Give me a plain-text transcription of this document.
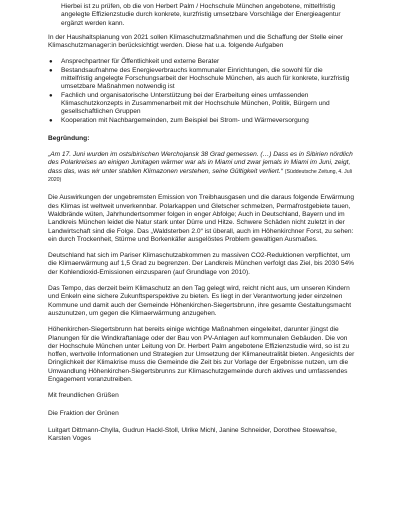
Hierbei ist zu prüfen, ob die von Herbert Palm / Hochschule München angebotene, mittelfristig angelegte Effizienzstudie durch konkrete, kurzfristig umsetzbare Vorschläge der Energieagentur ergänzt werden kann.

In der Haushaltsplanung von 2021 sollen Klimaschutzmaßnahmen und die Schaffung der Stelle einer Klimaschutzmanager:in berücksichtigt werden. Diese hat u.a. folgende Aufgaben

● Ansprechpartner für Öffentlichkeit und externe Berater
● Bestandsaufnahme des Energieverbrauchs kommunaler Einrichtungen, die sowohl für die mittelfristig angelegte Forschungsarbeit der Hochschule München, als auch für konkrete, kurzfristig umsetzbare Maßnahmen notwendig ist
● Fachlich und organisatorische Unterstützung bei der Erarbeitung eines umfassenden Klimaschutzkonzepts in Zusammenarbeit mit der Hochschule München, Politik, Bürgern und gesellschaftlichen Gruppen
● Kooperation mit Nachbargemeinden, zum Beispiel bei Strom- und Wärmeversorgung

Begründung:

„Am 17. Juni wurden im ostsibirischen Werchojansk 38 Grad gemessen. (…) Dass es in Sibirien nördlich des Polarkreises an einigen Junitagen wärmer war als in Miami und zwar jemals in Miami im Juni, zeigt, dass das, was wir unter stabilen Klimazonen verstehen, seine Gültigkeit verliert.“ (Süddeutsche Zeitung, 4. Juli 2020)

Die Auswirkungen der ungebremsten Emission von Treibhausgasen und die daraus folgende Erwärmung des Klimas ist weltweit unverkennbar. Polarkappen und Gletscher schmelzen, Permafrostgebiete tauen, Waldbrände wüten, Jahrhundertsommer folgen in enger Abfolge; Auch in Deutschland, Bayern und im Landkreis München leidet die Natur stark unter Dürre und Hitze. Schwere Schäden nicht zuletzt in der Landwirtschaft sind die Folge. Das „Waldsterben 2.0“ ist überall, auch im Höhenkirchner Forst, zu sehen: ein durch Trockenheit, Stürme und Borkenkäfer ausgelöstes Problem gewaltigen Ausmaßes.

Deutschland hat sich im Pariser Klimaschutzabkommen zu massiven CO2-Reduktionen verpflichtet, um die Klimaerwärmung auf 1,5 Grad zu begrenzen. Der Landkreis München verfolgt das Ziel, bis 2030 54% der Kohlendioxid-Emissionen einzusparen (auf Grundlage von 2010).

Das Tempo, das derzeit beim Klimaschutz an den Tag gelegt wird, reicht nicht aus, um unseren Kindern und Enkeln eine sichere Zukunftsperspektive zu bieten. Es liegt in der Verantwortung jeder einzelnen Kommune und damit auch der Gemeinde Höhenkirchen-Siegertsbrunn, ihre gesamte Gestaltungsmacht auszunutzen, um gegen die Klimaerwärmung anzugehen.

Höhenkirchen-Siegertsbrunn hat bereits einige wichtige Maßnahmen eingeleitet, darunter jüngst die Planungen für die Windkraftanlage oder der Bau von PV-Anlagen auf kommunalen Gebäuden. Die von der Hochschule München unter Leitung von Dr. Herbert Palm angebotene Effizienzstudie wird, so ist zu hoffen, wertvolle Informationen und Strategien zur Umsetzung der Klimaneutralität bieten. Angesichts der Dringlichkeit der Klimakrise muss die Gemeinde die Zeit bis zur Vorlage der Ergebnisse nutzen, um die Umwandlung Höhenkirchen-Siegertsbrunns zur Klimaschutzgemeinde durch aktives und umfassendes Engagement voranzutreiben.

Mit freundlichen Grüßen

Die Fraktion der Grünen

Luitgart Dittmann-Chylla, Gudrun Hackl-Stoll, Ulrike Michl, Janine Schneider, Dorothee Stoewahse, Karsten Voges
